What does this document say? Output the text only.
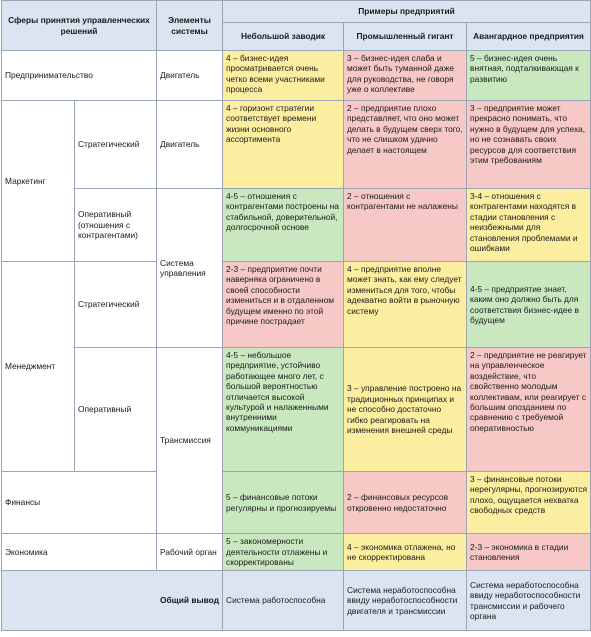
Сферы принятия управленческих решений		Элементы системы	Примеры предприятий		
			Небольшой заводик	Промышленный гигант	Авангардное предприятия
Предпринимательство		Двигатель	4 – бизнес-идея просматривается очень четко всеми участниками процесса	3 – бизнес-идея слаба и может быть туманной даже для руководства, не говоря уже о коллективе	5 – бизнес-идея очень внятная, подталкивающая к развитию
Маркетинг	Стратегический	Двигатель	4 – горизонт стратегии соответствует времени жизни основного ассортимента	2 – предприятие плохо представляет, что оно может делать в будущем сверх того, что не слишком удачно делает в настоящем	3 – предприятие может прекрасно понимать, что нужно в будущем для успеха, но не сознавать своих ресурсов для соответствия этим требованиям
	Оперативный (отношения с контрагентами)	Система управления	4-5 – отношения с контрагентами построены на стабильной, доверительной, долгосрочной основе	2 – отношения с контрагентами не налажены	3-4 – отношения с контрагентами находятся в стадии становления с неизбежными для становления проблемами и ошибками
Менеджмент	Стратегический		2-3 – предприятие почти наверняка ограничено в своей способности измениться и в отдаленном будущем именно по этой причине пострадает	4 – предприятие вполне может знать, как ему следует измениться для того, чтобы адекватно войти в рыночную систему	4-5 – предприятие знает, каким оно должно быть для соответствия бизнес-идее в будущем
	Оперативный	Трансмиссия	4-5 – небольшое предприятие, устойчиво работающее много лет, с большой вероятностью отличается высокой культурой и налаженными внутренними коммуникациями	3 – управление построено на традиционных принципах и не способно достаточно гибко реагировать на изменения внешней среды	2 – предприятие не реагирует на управленческое воздействие, что свойственно молодым коллективам, или реагирует с большим опозданием по сравнению с требуемой оперативностью
Финансы			5 – финансовые потоки регулярны и прогнозируемы	2 – финансовых ресурсов откровенно недостаточно	3 – финансовые потоки нерегулярны, прогнозируются плохо, ощущается нехватка свободных средств
Экономика		Рабочий орган	5 – закономерности деятельности отлажены и скорректированы	4 – экономика отлажена, но не скорректирована	2-3 – экономика в стадии становления
Общий вывод			Система работоспособна	Система неработоспособна ввиду неработоспособности двигателя и трансмиссии	Система неработоспособна ввиду неработоспособности трансмиссии и рабочего органа
